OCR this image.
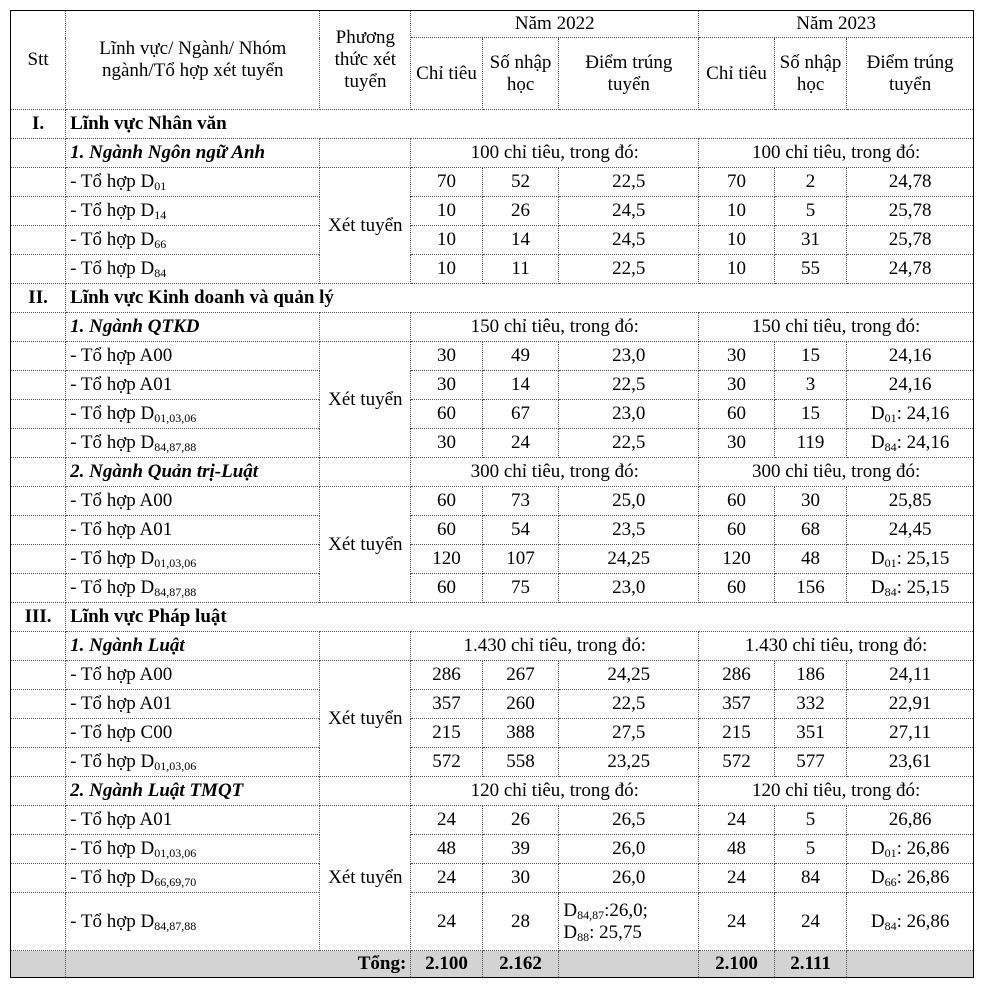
Stt	Lĩnh vực/ Ngành/ Nhóm ngành/Tổ hợp xét tuyển	Phương thức xét tuyển	Năm 2022			Năm 2023		
			Chỉ tiêu	Số nhập học	Điểm trúng tuyển	Chỉ tiêu	Số nhập học	Điểm trúng tuyển
I.	Lĩnh vực Nhân văn							
	1. Ngành Ngôn ngữ Anh		100 chỉ tiêu, trong đó:			100 chỉ tiêu, trong đó:		
	- Tổ hợp $D_{01}$	Xét tuyển	70	52	22,5	70	2	24,78
	- Tổ hợp $D_{14}$		10	26	24,5	10	5	25,78
	- Tổ hợp $D_{66}$		10	14	24,5	10	31	25,78
	- Tổ hợp $D_{84}$		10	11	22,5	10	55	24,78
II.	Lĩnh vực Kinh doanh và quản lý							
	1. Ngành QTKD		150 chỉ tiêu, trong đó:			150 chỉ tiêu, trong đó:		
	- Tổ hợp A00	Xét tuyển	30	49	23,0	30	15	24,16
	- Tổ hợp A01		30	14	22,5	30	3	24,16
	- Tổ hợp $D_{01,03,06}$		60	67	23,0	60	15	$D_{01}$: 24,16
	- Tổ hợp $D_{84,87,88}$		30	24	22,5	30	119	$D_{84}$: 24,16
	2. Ngành Quản trị-Luật		300 chỉ tiêu, trong đó:			300 chỉ tiêu, trong đó:		
	- Tổ hợp A00	Xét tuyển	60	73	25,0	60	30	25,85
	- Tổ hợp A01		60	54	23,5	60	68	24,45
	- Tổ hợp $D_{01,03,06}$		120	107	24,25	120	48	$D_{01}$: 25,15
	- Tổ hợp $D_{84,87,88}$		60	75	23,0	60	156	$D_{84}$: 25,15
III.	Lĩnh vực Pháp luật							
	1. Ngành Luật		1.430 chỉ tiêu, trong đó:			1.430 chỉ tiêu, trong đó:		
	- Tổ hợp A00	Xét tuyển	286	267	24,25	286	186	24,11
	- Tổ hợp A01		357	260	22,5	357	332	22,91
	- Tổ hợp C00		215	388	27,5	215	351	27,11
	- Tổ hợp $D_{01,03,06}$		572	558	23,25	572	577	23,61
	2. Ngành Luật TMQT		120 chỉ tiêu, trong đó:			120 chỉ tiêu, trong đó:		
	- Tổ hợp A01	Xét tuyển	24	26	26,5	24	5	26,86
	- Tổ hợp $D_{01,03,06}$		48	39	26,0	48	5	$D_{01}$: 26,86
	- Tổ hợp $D_{66,69,70}$		24	30	26,0	24	84	$D_{66}$: 26,86
	- Tổ hợp $D_{84,87,88}$		24	28	$D_{84,87}:26,0$;
$D_{88}$: 25,75	24	24	$D_{84}$: 26,86
	Tổng:		2.100	2.162		2.100	2.111	
